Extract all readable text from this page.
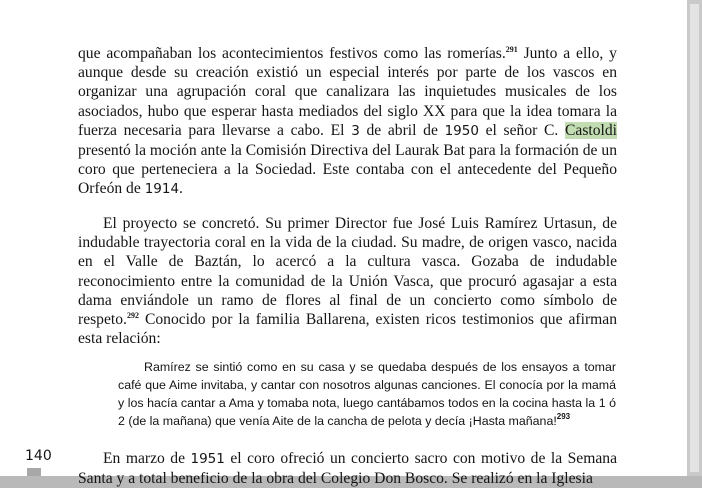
que acompañaban los acontecimientos festivos como las romerías.$^{291}$ Junto a ello, y aunque desde su creación existió un especial interés por parte de los vascos en organizar una agrupación coral que canalizara las inquietudes musicales de los asociados, hubo que esperar hasta mediados del siglo XX para que la idea tomara la fuerza necesaria para llevarse a cabo. El 3 de abril de 1950 el señor C. Castoldi presentó la moción ante la Comisión Directiva del Laurak Bat para la formación de un coro que perteneciera a la Sociedad. Este contaba con el antecedente del Pequeño Orfeón de 1914.

El proyecto se concretó. Su primer Director fue José Luis Ramírez Urtasun, de indudable trayectoria coral en la vida de la ciudad. Su madre, de origen vasco, nacida en el Valle de Baztán, lo acercó a la cultura vasca. Gozaba de indudable reconocimiento entre la comunidad de la Unión Vasca, que procuró agasajar a esta dama enviándole un ramo de flores al final de un concierto como símbolo de respeto.$^{292}$ Conocido por la familia Ballarena, existen ricos testimonios que afirman esta relación:

Ramírez se sintió como en su casa y se quedaba después de los ensayos a tomar café que Aime invitaba, y cantar con nosotros algunas canciones. El conocía por la mamá y los hacía cantar a Ama y tomaba nota, luego cantábamos todos en la cocina hasta la 1 ó 2 (de la mañana) que venía Aite de la cancha de pelota y decía ¡Hasta mañana!$^{293}$

140	En marzo de 1951 el coro ofreció un concierto sacro con motivo de la Semana Santa y a total beneficio de la obra del Colegio Don Bosco. Se realizó en la Iglesia
